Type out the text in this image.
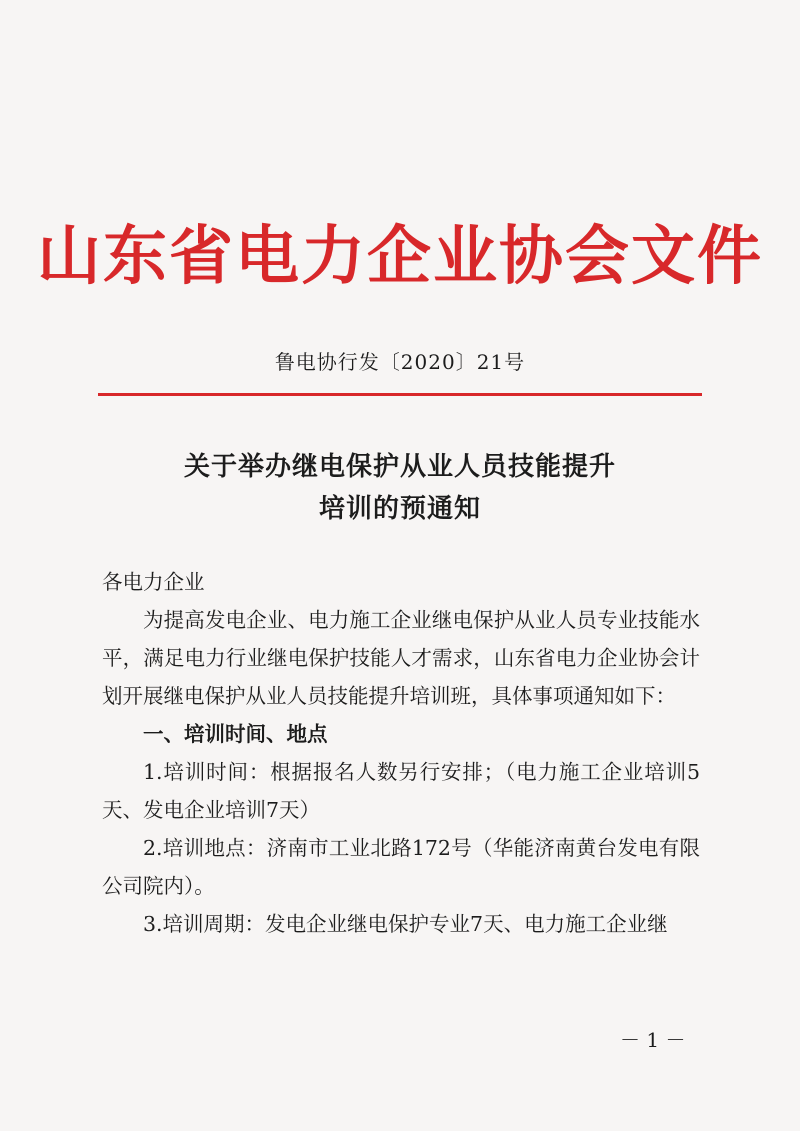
山东省电力企业协会文件
鲁电协行发〔2020〕21号
关于举办继电保护从业人员技能提升
培训的预通知

各电力企业

为提高发电企业、电力施工企业继电保护从业人员专业技能水平，满足电力行业继电保护技能人才需求，山东省电力企业协会计划开展继电保护从业人员技能提升培训班，具体事项通知如下：

一、培训时间、地点

1.培训时间：根据报名人数另行安排；（电力施工企业培训5天、发电企业培训7天）

2.培训地点：济南市工业北路172号（华能济南黄台发电有限公司院内）。

3.培训周期：发电企业继电保护专业7天、电力施工企业继

－ 1 －
